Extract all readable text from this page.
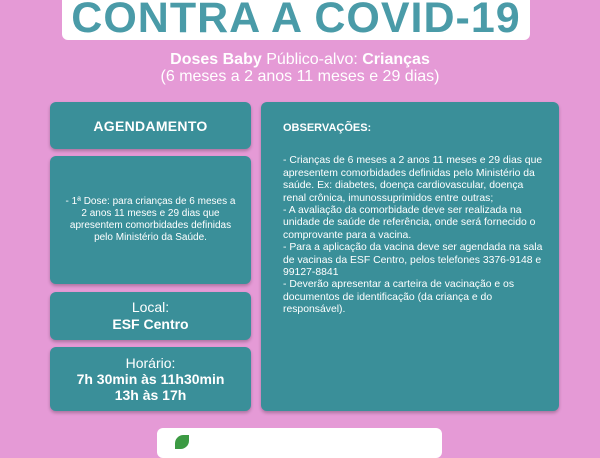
CONTRA A COVID-19
Doses Baby Público-alvo: Crianças
(6 meses a 2 anos 11 meses e 29 dias)
AGENDAMENTO
- 1ª Dose: para crianças de 6 meses a 2 anos 11 meses e 29 dias que apresentem comorbidades definidas pelo Ministério da Saúde.
Local:
ESF Centro
Horário:
7h 30min às 11h30min
13h às 17h
OBSERVAÇÕES:

- Crianças de 6 meses a 2 anos 11 meses e 29 dias que apresentem comorbidades definidas pelo Ministério da saúde. Ex: diabetes, doença cardiovascular, doença renal crônica, imunossuprimidos entre outras;

- A avaliação da comorbidade deve ser realizada na unidade de saúde de referência, onde será fornecido o comprovante para a vacina.

- Para a aplicação da vacina deve ser agendada na sala de vacinas da ESF Centro, pelos telefones 3376-9148 e 99127-8841

- Deverão apresentar a carteira de vacinação e os documentos de identificação (da criança e do responsável).
